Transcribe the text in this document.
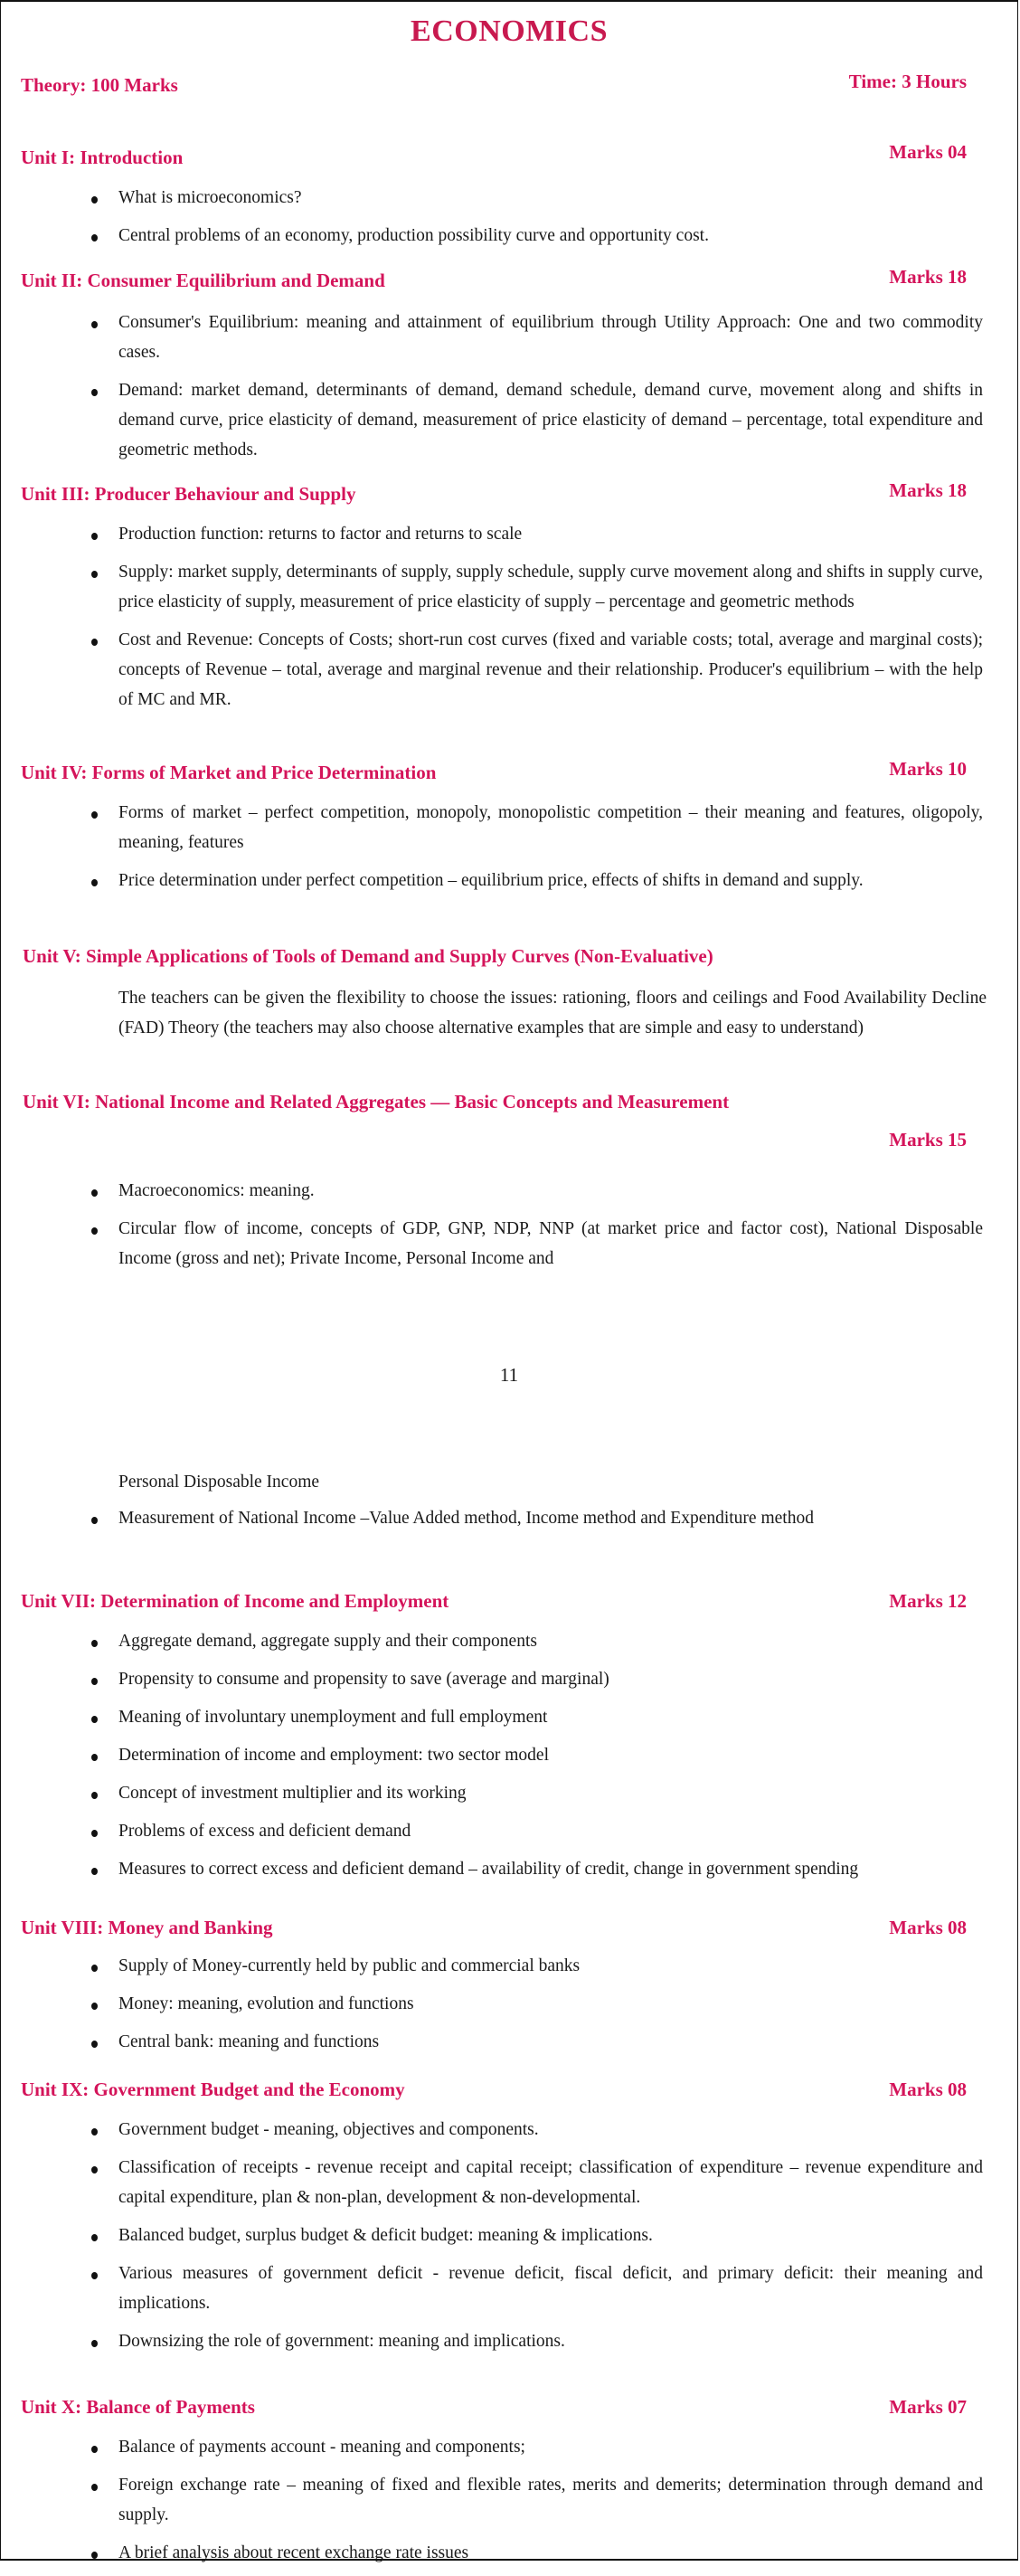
ECONOMICS
Theory: 100 Marks	Time: 3 Hours
Unit I: Introduction	Marks 04
What is microeconomics?
Central problems of an economy, production possibility curve and opportunity cost.
Unit II: Consumer Equilibrium and Demand	Marks 18
Consumer's Equilibrium: meaning and attainment of equilibrium through Utility Approach: One and two commodity cases.
Demand: market demand, determinants of demand, demand schedule, demand curve, movement along and shifts in demand curve, price elasticity of demand, measurement of price elasticity of demand – percentage, total expenditure and geometric methods.
Unit III: Producer Behaviour and Supply	Marks 18
Production function: returns to factor and returns to scale
Supply: market supply, determinants of supply, supply schedule, supply curve movement along and shifts in supply curve, price elasticity of supply, measurement of price elasticity of supply – percentage and geometric methods
Cost and Revenue: Concepts of Costs; short-run cost curves (fixed and variable costs; total, average and marginal costs); concepts of Revenue – total, average and marginal revenue and their relationship. Producer's equilibrium – with the help of MC and MR.
Unit IV: Forms of Market and Price Determination	Marks 10
Forms of market – perfect competition, monopoly, monopolistic competition – their meaning and features, oligopoly, meaning, features
Price determination under perfect competition – equilibrium price, effects of shifts in demand and supply.
Unit V: Simple Applications of Tools of Demand and Supply Curves (Non-Evaluative)
The teachers can be given the flexibility to choose the issues: rationing, floors and ceilings and Food Availability Decline (FAD) Theory (the teachers may also choose alternative examples that are simple and easy to understand)
Unit VI: National Income and Related Aggregates — Basic Concepts and Measurement
Marks 15
Macroeconomics: meaning.
Circular flow of income, concepts of GDP, GNP, NDP, NNP (at market price and factor cost), National Disposable Income (gross and net); Private Income, Personal Income and
11
Personal Disposable Income
Measurement of National Income –Value Added method, Income method and Expenditure method
Unit VII: Determination of Income and Employment	Marks 12
Aggregate demand, aggregate supply and their components
Propensity to consume and propensity to save (average and marginal)
Meaning of involuntary unemployment and full employment
Determination of income and employment: two sector model
Concept of investment multiplier and its working
Problems of excess and deficient demand
Measures to correct excess and deficient demand – availability of credit, change in government spending
Unit VIII: Money and Banking	Marks 08
Supply of Money-currently held by public and commercial banks
Money: meaning, evolution and functions
Central bank: meaning and functions
Unit IX: Government Budget and the Economy	Marks 08
Government budget - meaning, objectives and components.
Classification of receipts - revenue receipt and capital receipt; classification of expenditure – revenue expenditure and capital expenditure, plan & non-plan, development & non-developmental.
Balanced budget, surplus budget & deficit budget: meaning & implications.
Various measures of government deficit - revenue deficit, fiscal deficit, and primary deficit: their meaning and implications.
Downsizing the role of government: meaning and implications.
Unit X: Balance of Payments	Marks 07
Balance of payments account - meaning and components;
Foreign exchange rate – meaning of fixed and flexible rates, merits and demerits; determination through demand and supply.
A brief analysis about recent exchange rate issues
